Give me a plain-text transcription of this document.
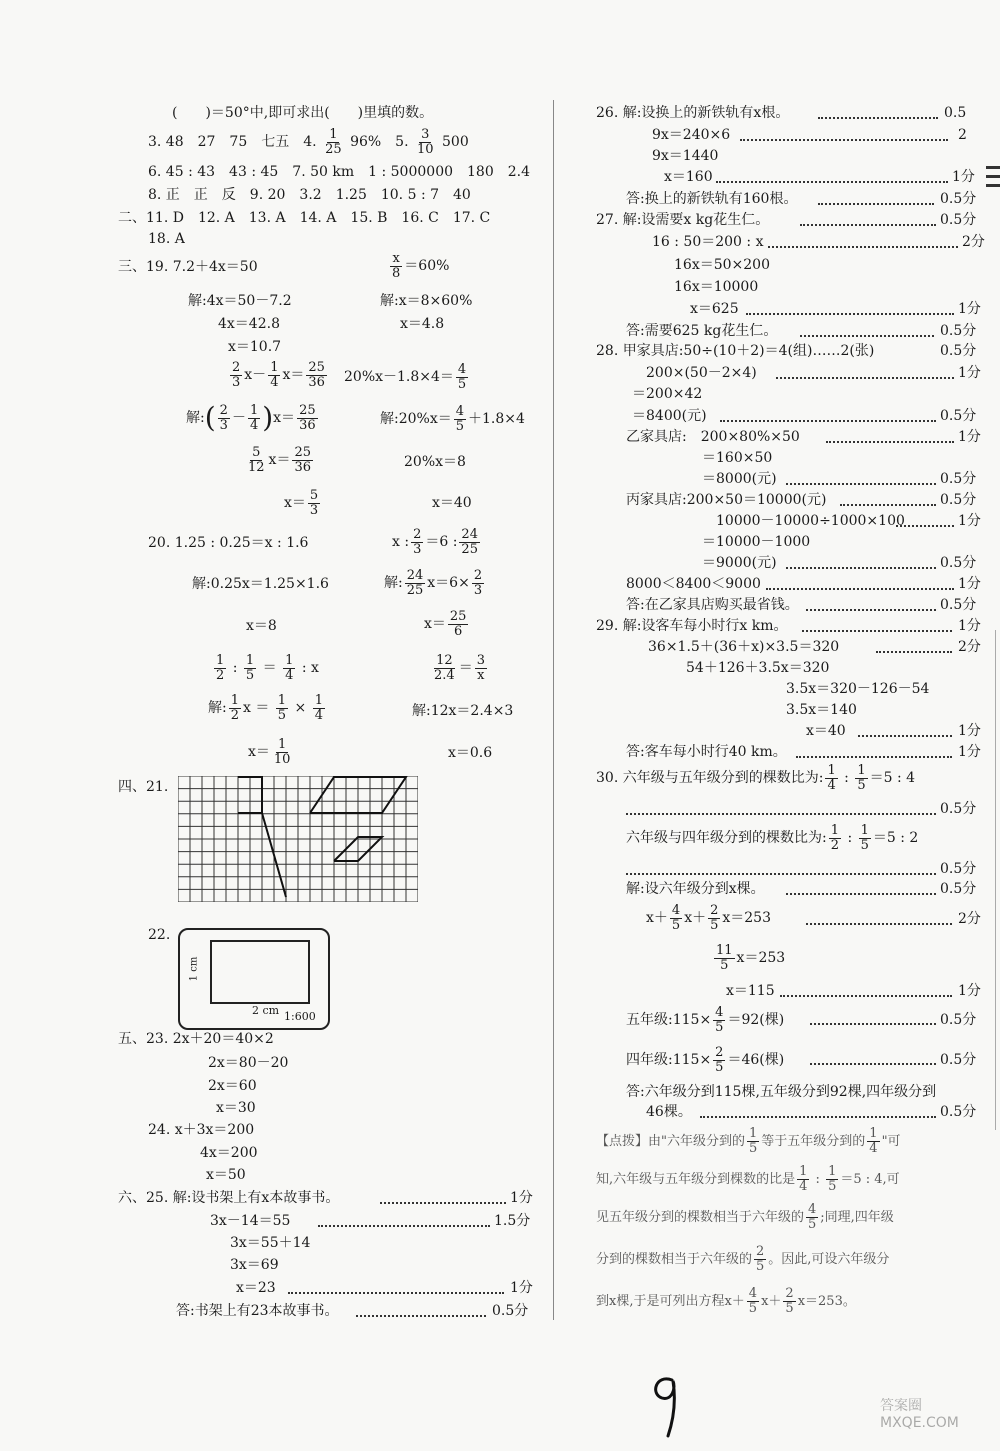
(　　)＝50°中,即可求出(　　)里填的数。
3. 48　27　75　七五　4. $\frac{1}{25} 96\%$　5. $\frac{3}{10} 500$
6. 45 : 43　43 : 45　7. 50 km　1 : 5000000　180　2.4
8. 正　正　反　9. 20　3.2　1.25　10. 5 : 7　40
二、11. D　12. A　13. A　14. A　15. B　16. C　17. C
18. A
三、19. 7.2＋4x＝50
解:4x＝50－7.2
4x＝42.8
x＝10.7
$\frac{x}{8} =60\%$
解:x＝8×60%
x＝4.8
$\frac{2}{3} x- \frac{1}{4} x= \frac{25}{36}$
解:( $\frac{2}{3} - \frac{1}{4} )x= \frac{25}{36}$
$\frac{5}{12} x= \frac{25}{36}$
$x= \frac{5}{3}$
$20\%x-1.8\times 4= \frac{4}{5}$
解:20%x＝ $\frac{4}{5} +1.8\times 4$
20%x＝8
x＝40
20. 1.25 : 0.25＝x : 1.6
解:0.25x＝1.25×1.6
x＝8
x : $\frac{2}{3} =6$ : $\frac{24}{25}$
解: $\frac{24}{25} x=6\times \frac{2}{3}$
$x= \frac{25}{6}$
$\frac{1}{2}$ : $\frac{1}{5} = \frac{1}{4}$ : x
解: $\frac{1}{2}$ $x = \frac{1}{5} \times \frac{1}{4}$
$x= \frac{1}{10}$
$\frac{12}{2.4} = \frac{3}{x}$
解:12x＝2.4×3
x＝0.6
四、21.
22.
1 cm
2 cm 1:600
五、23. 2x＋20＝40×2
2x＝80－20
2x＝60
x＝30
24. x＋3x＝200
4x＝200
x＝50
六、25. 解:设书架上有x本故事书。	1分
3x－14＝55	1.5分
3x＝55＋14
3x＝69
x＝23	1分
答:书架上有23本故事书。	0.5分
26. 解:设换上的新铁轨有x根。	0.5
9x＝240×6	2
9x＝1440
x＝160	1分
答:换上的新铁轨有160根。	0.5分
27. 解:设需要x kg花生仁。	0.5分
16 : 50＝200 : x	2分
16x＝50×200
16x＝10000
x＝625	1分
答:需要625 kg花生仁。	0.5分
28. 甲家具店:50÷(10＋2)＝4(组)……2(张)	0.5分
200×(50－2×4)	1分
＝200×42
＝8400(元)	0.5分
乙家具店:　200×80%×50	1分
＝160×50
＝8000(元)	0.5分
丙家具店:200×50＝10000(元)	0.5分
10000－10000÷1000×100	1分
＝10000－1000
＝9000(元)	0.5分
8000＜8400＜9000	1分
答:在乙家具店购买最省钱。	0.5分
29. 解:设客车每小时行x km。	1分
36×1.5＋(36＋x)×3.5＝320	2分
54＋126＋3.5x＝320
3.5x＝320－126－54
3.5x＝140
x＝40	1分
答:客车每小时行40 km。	1分
30. 六年级与五年级分到的棵数比为: $\frac{1}{4}$ : $\frac{1}{5} =5$ : 4
0.5分
六年级与四年级分到的棵数比为: $\frac{1}{2}$ : $\frac{1}{5} =5$ : 2
0.5分
解:设六年级分到x棵。	0.5分
$x+ \frac{4}{5} x+ \frac{2}{5} x=253$	2分
$\frac{11}{5} x=253$
x＝115	1分
五年级:115× $\frac{4}{5} =92$(棵)	0.5分
四年级:115× $\frac{2}{5} =46$(棵)	0.5分
答:六年级分到115棵,五年级分到92棵,四年级分到
46棵。	0.5分
【点拨】由"六年级分到的 $\frac{1}{5}$ 等于五年级分到的 $\frac{1}{4}$ "可
知,六年级与五年级分到棵数的比是 $\frac{1}{4}$ : $\frac{1}{5} =5$ : 4,可
见五年级分到的棵数相当于六年级的 $\frac{4}{5}$ ;同理,四年级
分到的棵数相当于六年级的 $\frac{2}{5}$ 。因此,可设六年级分
到x棵,于是可列出方程$x+ \frac{4}{5} x+ \frac{2}{5} x=253$。
答案圈 MXQE.COM
